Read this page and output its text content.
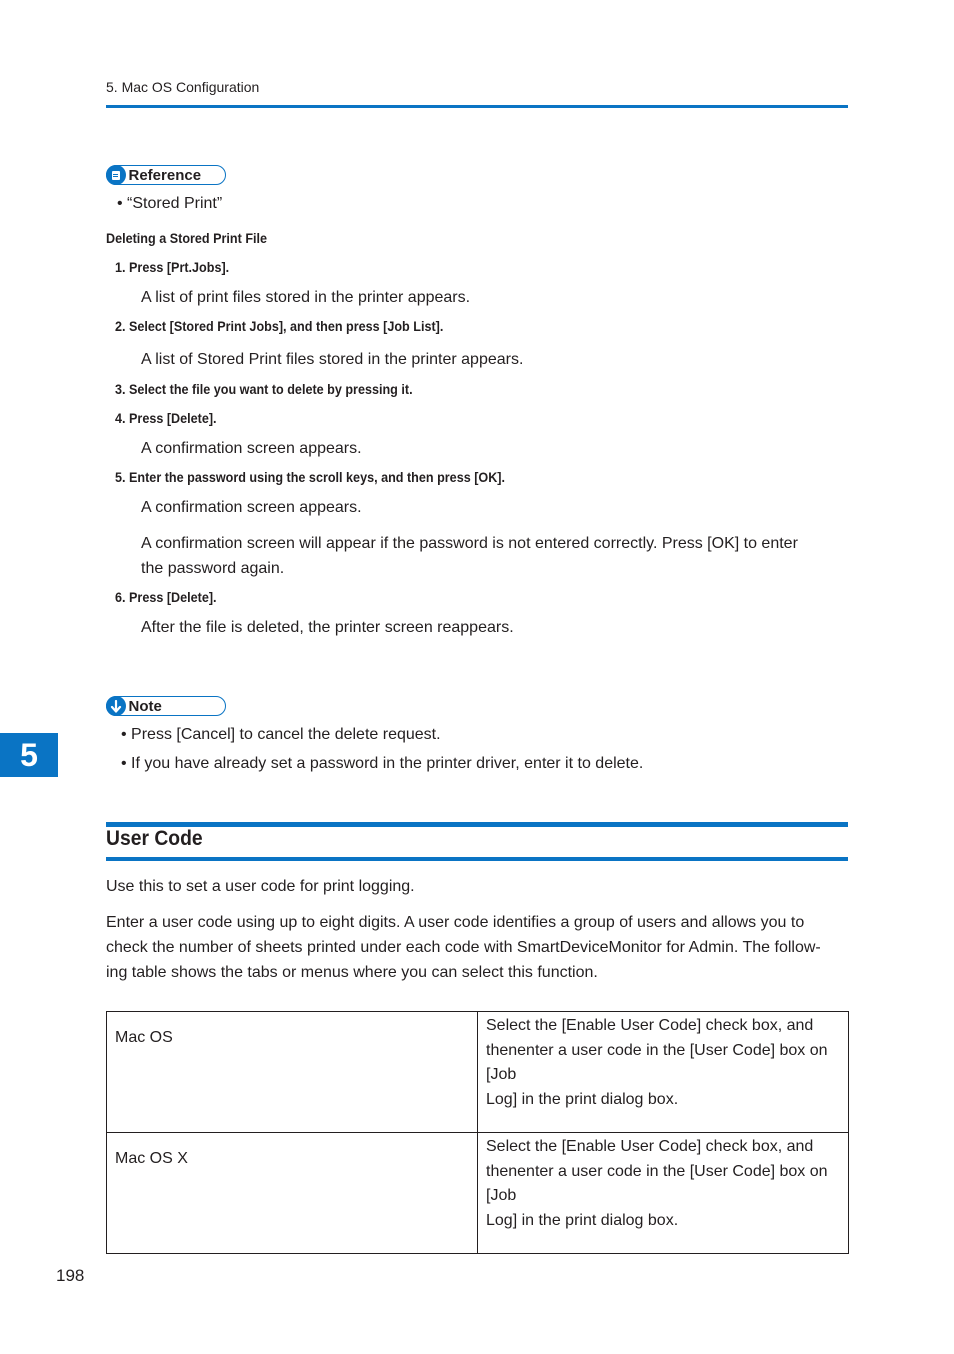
5. Mac OS Configuration
Reference
• “Stored Print”
Deleting a Stored Print File
1. Press [Prt.Jobs].
A list of print files stored in the printer appears.
2. Select [Stored Print Jobs], and then press [Job List].
A list of Stored Print files stored in the printer appears.
3. Select the file you want to delete by pressing it.
4. Press [Delete].
A confirmation screen appears.
5. Enter the password using the scroll keys, and then press [OK].
A confirmation screen appears.
A confirmation screen will appear if the password is not entered correctly. Press [OK] to enter
the password again.
6. Press [Delete].
After the file is deleted, the printer screen reappears.
Note
• Press [Cancel] to cancel the delete request.
• If you have already set a password in the printer driver, enter it to delete.
5
User Code
Use this to set a user code for print logging.
Enter a user code using up to eight digits. A user code identifies a group of users and allows you to
check the number of sheets printed under each code with SmartDeviceMonitor for Admin. The follow-
ing table shows the tabs or menus where you can select this function.
Mac OS	Select the [Enable User Code] check box, and
thenenter a user code in the [User Code] box on
[Job
Log] in the print dialog box.

Mac OS X	Select the [Enable User Code] check box, and
thenenter a user code in the [User Code] box on
[Job
Log] in the print dialog box.
198
